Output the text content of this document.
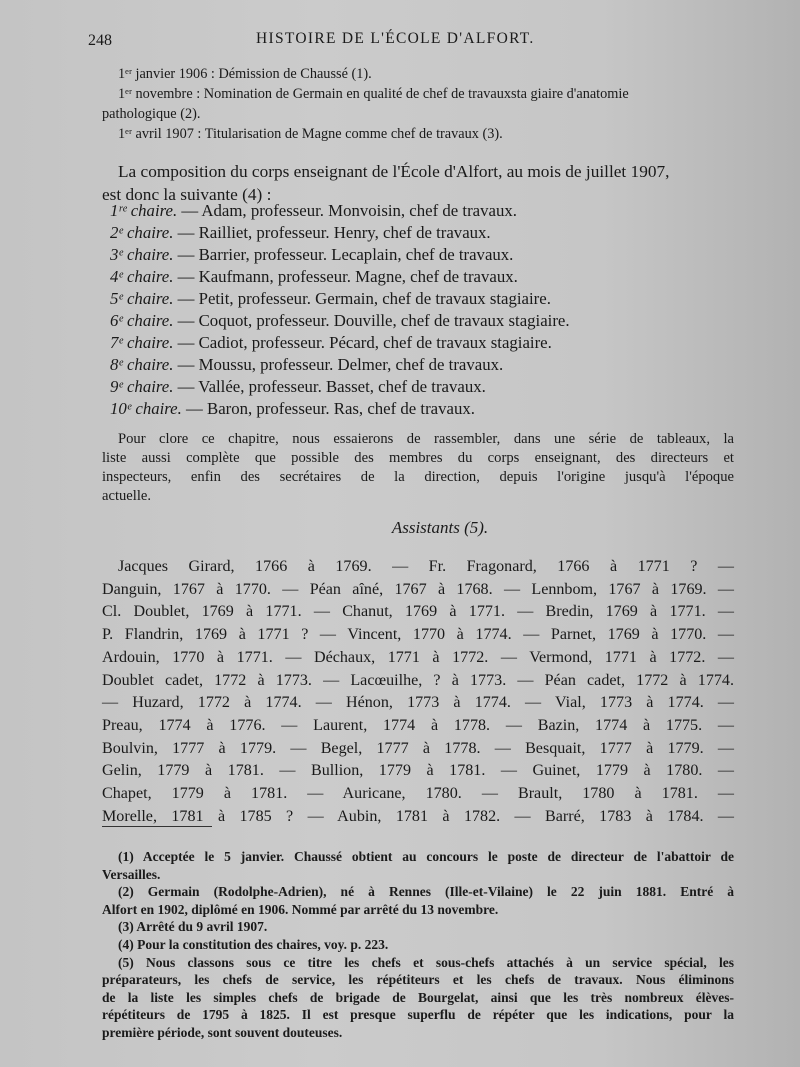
248	HISTOIRE DE L'ÉCOLE D'ALFORT.
1ᵉʳ janvier 1906 : Démission de Chaussé (1).
1ᵉʳ novembre : Nomination de Germain en qualité de chef de travauxsta giaire d'anatomie
pathologique (2).
1ᵉʳ avril 1907 : Titularisation de Magne comme chef de travaux (3).
La composition du corps enseignant de l'École d'Alfort, au mois de juillet 1907,
est donc la suivante (4) :
1ʳᵉ chaire. — Adam, professeur. Monvoisin, chef de travaux.
2ᵉ chaire. — Railliet, professeur. Henry, chef de travaux.
3ᵉ chaire. — Barrier, professeur. Lecaplain, chef de travaux.
4ᵉ chaire. — Kaufmann, professeur. Magne, chef de travaux.
5ᵉ chaire. — Petit, professeur. Germain, chef de travaux stagiaire.
6ᵉ chaire. — Coquot, professeur. Douville, chef de travaux stagiaire.
7ᵉ chaire. — Cadiot, professeur. Pécard, chef de travaux stagiaire.
8ᵉ chaire. — Moussu, professeur. Delmer, chef de travaux.
9ᵉ chaire. — Vallée, professeur. Basset, chef de travaux.
10ᵉ chaire. — Baron, professeur. Ras, chef de travaux.
Pour clore ce chapitre, nous essaierons de rassembler, dans une série de tableaux, la
liste aussi complète que possible des membres du corps enseignant, des directeurs et
inspecteurs, enfin des secrétaires de la direction, depuis l'origine jusqu'à l'époque
actuelle.
Assistants (5).
Jacques Girard, 1766 à 1769. — Fr. Fragonard, 1766 à 1771 ? —
Danguin, 1767 à 1770. — Péan aîné, 1767 à 1768. — Lennbom, 1767 à 1769. —
Cl. Doublet, 1769 à 1771. — Chanut, 1769 à 1771. — Bredin, 1769 à 1771. —
P. Flandrin, 1769 à 1771 ? — Vincent, 1770 à 1774. — Parnet, 1769 à 1770. —
Ardouin, 1770 à 1771. — Déchaux, 1771 à 1772. — Vermond, 1771 à 1772. —
Doublet cadet, 1772 à 1773. — Lacœuilhe, ? à 1773. — Péan cadet, 1772 à 1774.
— Huzard, 1772 à 1774. — Hénon, 1773 à 1774. — Vial, 1773 à 1774. —
Preau, 1774 à 1776. — Laurent, 1774 à 1778. — Bazin, 1774 à 1775. —
Boulvin, 1777 à 1779. — Begel, 1777 à 1778. — Besquait, 1777 à 1779. —
Gelin, 1779 à 1781. — Bullion, 1779 à 1781. — Guinet, 1779 à 1780. —
Chapet, 1779 à 1781. — Auricane, 1780. — Brault, 1780 à 1781. —
Morelle, 1781 à 1785 ? — Aubin, 1781 à 1782. — Barré, 1783 à 1784. —
(1) Acceptée le 5 janvier. Chaussé obtient au concours le poste de directeur de l'abattoir de
Versailles.
(2) Germain (Rodolphe-Adrien), né à Rennes (Ille-et-Vilaine) le 22 juin 1881. Entré à
Alfort en 1902, diplômé en 1906. Nommé par arrêté du 13 novembre.
(3) Arrêté du 9 avril 1907.
(4) Pour la constitution des chaires, voy. p. 223.
(5) Nous classons sous ce titre les chefs et sous-chefs attachés à un service spécial, les
préparateurs, les chefs de service, les répétiteurs et les chefs de travaux. Nous éliminons
de la liste les simples chefs de brigade de Bourgelat, ainsi que les très nombreux élèves-
répétiteurs de 1795 à 1825. Il est presque superflu de répéter que les indications, pour la
première période, sont souvent douteuses.
